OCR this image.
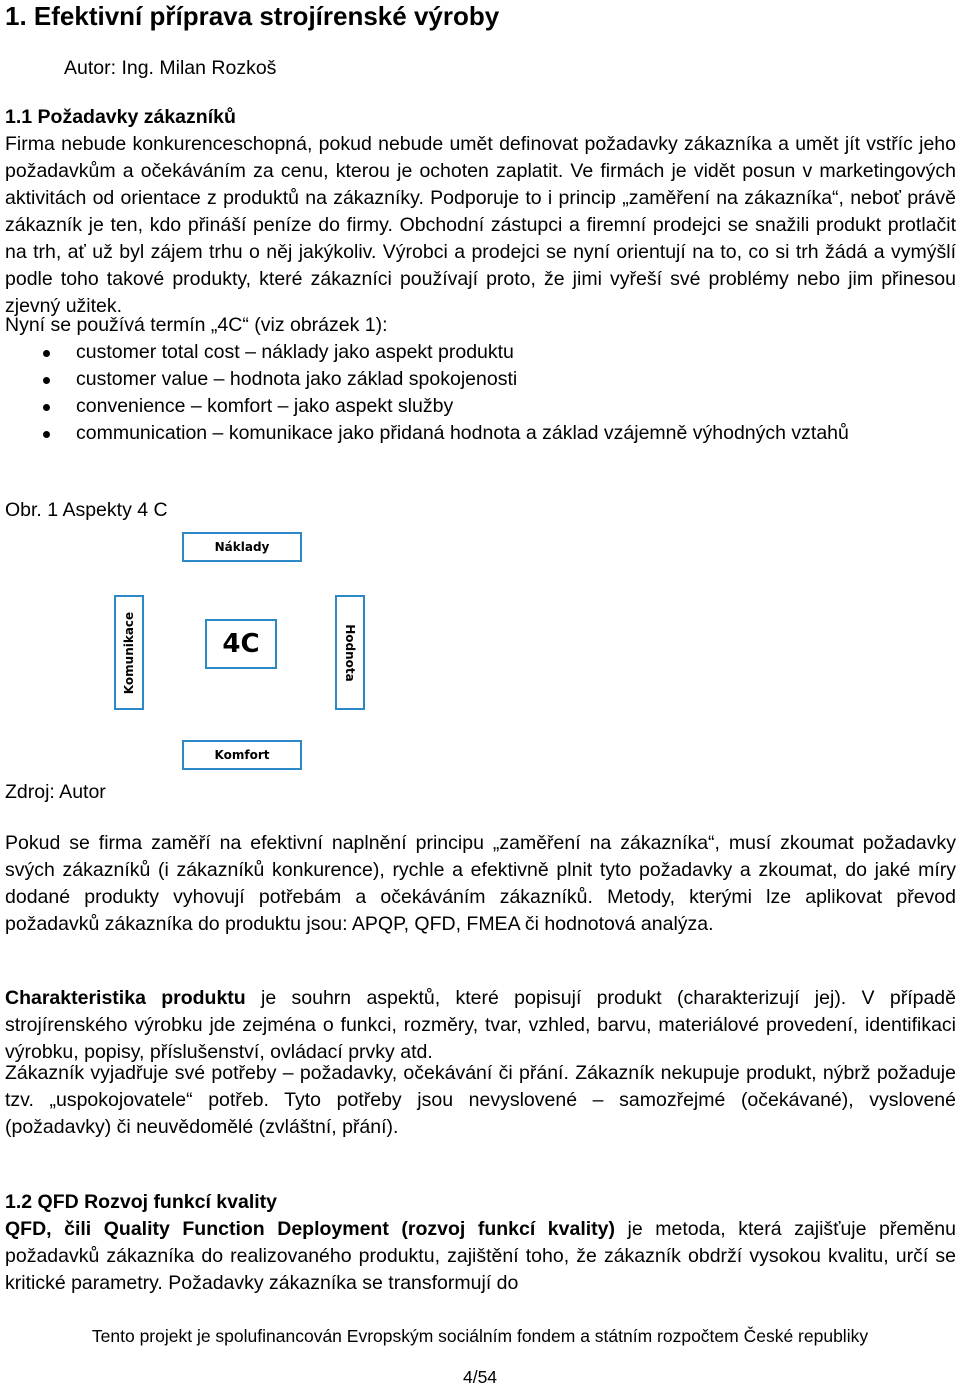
1. Efektivní příprava strojírenské výroby

Autor: Ing. Milan Rozkoš

1.1 Požadavky zákazníků

Firma nebude konkurenceschopná, pokud nebude umět definovat požadavky zákazníka a umět jít vstříc jeho požadavkům a očekáváním za cenu, kterou je ochoten zaplatit. Ve firmách je vidět posun v marketingových aktivitách od orientace z produktů na zákazníky. Podporuje to i princip „zaměření na zákazníka“, neboť právě zákazník je ten, kdo přináší peníze do firmy. Obchodní zástupci a firemní prodejci se snažili produkt protlačit na trh, ať už byl zájem trhu o něj jakýkoliv. Výrobci a prodejci se nyní orientují na to, co si trh žádá a vymýšlí podle toho takové produkty, které zákazníci používají proto, že jimi vyřeší své problémy nebo jim přinesou zjevný užitek.

Nyní se používá termín „4C“ (viz obrázek 1):

customer total cost – náklady jako aspekt produktu
customer value – hodnota jako základ spokojenosti
convenience – komfort – jako aspekt služby
communication – komunikace jako přidaná hodnota a základ vzájemně výhodných vztahů

Obr. 1 Aspekty 4 C

Náklady
Komunikace	4C	Hodnota
Komfort

Zdroj: Autor

Pokud se firma zaměří na efektivní naplnění principu „zaměření na zákazníka“, musí zkoumat požadavky svých zákazníků (i zákazníků konkurence), rychle a efektivně plnit tyto požadavky a zkoumat, do jaké míry dodané produkty vyhovují potřebám a očekáváním zákazníků. Metody, kterými lze aplikovat převod požadavků zákazníka do produktu jsou: APQP, QFD, FMEA či hodnotová analýza.

Charakteristika produktu je souhrn aspektů, které popisují produkt (charakterizují jej). V případě strojírenského výrobku jde zejména o funkci, rozměry, tvar, vzhled, barvu, materiálové provedení, identifikaci výrobku, popisy, příslušenství, ovládací prvky atd.

Zákazník vyjadřuje své potřeby – požadavky, očekávání či přání. Zákazník nekupuje produkt, nýbrž požaduje tzv. „uspokojovatele“ potřeb. Tyto potřeby jsou nevyslovené – samozřejmé (očekávané), vyslovené (požadavky) či neuvědomělé (zvláštní, přání).

1.2 QFD Rozvoj funkcí kvality

QFD, čili Quality Function Deployment (rozvoj funkcí kvality) je metoda, která zajišťuje přeměnu požadavků zákazníka do realizovaného produktu, zajištění toho, že zákazník obdrží vysokou kvalitu, určí se kritické parametry. Požadavky zákazníka se transformují do

Tento projekt je spolufinancován Evropským sociálním fondem a státním rozpočtem České republiky

4/54
